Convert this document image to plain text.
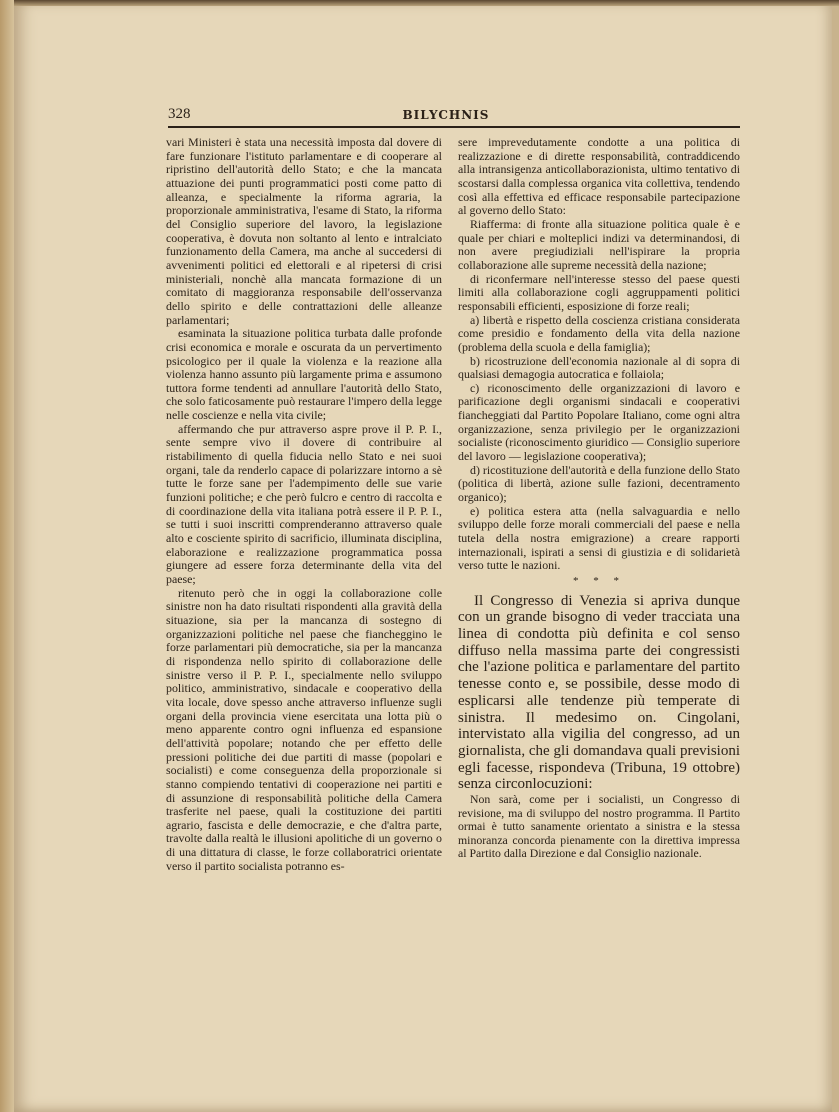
328	BILYCHNIS

vari Ministeri è stata una necessità imposta dal dovere di fare funzionare l'istituto parlamentare e di cooperare al ripristino dell'autorità dello Stato; e che la mancata attuazione dei punti programmatici posti come patto di alleanza, e specialmente la riforma agraria, la proporzionale amministrativa, l'esame di Stato, la riforma del Consiglio superiore del lavoro, la legislazione cooperativa, è dovuta non soltanto al lento e intralciato funzionamento della Camera, ma anche al succedersi di avvenimenti politici ed elettorali e al ripetersi di crisi ministeriali, nonchè alla mancata formazione di un comitato di maggioranza responsabile dell'osservanza dello spirito e delle contrattazioni delle alleanze parlamentari;

esaminata la situazione politica turbata dalle profonde crisi economica e morale e oscurata da un pervertimento psicologico per il quale la violenza e la reazione alla violenza hanno assunto più largamente prima e assumono tuttora forme tendenti ad annullare l'autorità dello Stato, che solo faticosamente può restaurare l'impero della legge nelle coscienze e nella vita civile;

affermando che pur attraverso aspre prove il P. P. I., sente sempre vivo il dovere di contribuire al ristabilimento di quella fiducia nello Stato e nei suoi organi, tale da renderlo capace di polarizzare intorno a sè tutte le forze sane per l'adempimento delle sue varie funzioni politiche; e che però fulcro e centro di raccolta e di coordinazione della vita italiana potrà essere il P. P. I., se tutti i suoi inscritti comprenderanno attraverso quale alto e cosciente spirito di sacrificio, illuminata disciplina, elaborazione e realizzazione programmatica possa giungere ad essere forza determinante della vita del paese;

ritenuto però che in oggi la collaborazione colle sinistre non ha dato risultati rispondenti alla gravità della situazione, sia per la mancanza di sostegno di organizzazioni politiche nel paese che fiancheggino le forze parlamentari più democratiche, sia per la mancanza di rispondenza nello spirito di collaborazione delle sinistre verso il P. P. I., specialmente nello sviluppo politico, amministrativo, sindacale e cooperativo della vita locale, dove spesso anche attraverso influenze sugli organi della provincia viene esercitata una lotta più o meno apparente contro ogni influenza ed espansione dell'attività popolare; notando che per effetto delle pressioni politiche dei due partiti di masse (popolari e socialisti) e come conseguenza della proporzionale si stanno compiendo tentativi di cooperazione nei partiti e di assunzione di responsabilità politiche della Camera trasferite nel paese, quali la costituzione dei partiti agrario, fascista e delle democrazie, e che d'altra parte, travolte dalla realtà le illusioni apolitiche di un governo o di una dittatura di classe, le forze collaboratrici orientate verso il partito socialista potranno es-

sere imprevedutamente condotte a una politica di realizzazione e di dirette responsabilità, contraddicendo alla intransigenza anticollaborazionista, ultimo tentativo di scostarsi dalla complessa organica vita collettiva, tendendo così alla effettiva ed efficace responsabile partecipazione al governo dello Stato:

Riafferma: di fronte alla situazione politica quale è e quale per chiari e molteplici indizi va determinandosi, di non avere pregiudiziali nell'ispirare la propria collaborazione alle supreme necessità della nazione;

di riconfermare nell'interesse stesso del paese questi limiti alla collaborazione cogli aggruppamenti politici responsabili efficienti, esposizione di forze reali;

a) libertà e rispetto della coscienza cristiana considerata come presidio e fondamento della vita della nazione (problema della scuola e della famiglia);

b) ricostruzione dell'economia nazionale al di sopra di qualsiasi demagogia autocratica e follaiola;

c) riconoscimento delle organizzazioni di lavoro e parificazione degli organismi sindacali e cooperativi fiancheggiati dal Partito Popolare Italiano, come ogni altra organizzazione, senza privilegio per le organizzazioni socialiste (riconoscimento giuridico — Consiglio superiore del lavoro — legislazione cooperativa);

d) ricostituzione dell'autorità e della funzione dello Stato (politica di libertà, azione sulle fazioni, decentramento organico);

e) politica estera atta (nella salvaguardia e nello sviluppo delle forze morali commerciali del paese e nella tutela della nostra emigrazione) a creare rapporti internazionali, ispirati a sensi di giustizia e di solidarietà verso tutte le nazioni.

* * *

Il Congresso di Venezia si apriva dunque con un grande bisogno di veder tracciata una linea di condotta più definita e col senso diffuso nella massima parte dei congressisti che l'azione politica e parlamentare del partito tenesse conto e, se possibile, desse modo di esplicarsi alle tendenze più temperate di sinistra. Il medesimo on. Cingolani, intervistato alla vigilia del congresso, ad un giornalista, che gli domandava quali previsioni egli facesse, rispondeva (Tribuna, 19 ottobre) senza circonlocuzioni:

Non sarà, come per i socialisti, un Congresso di revisione, ma di sviluppo del nostro programma. Il Partito ormai è tutto sanamente orientato a sinistra e la stessa minoranza concorda pienamente con la direttiva impressa al Partito dalla Direzione e dal Consiglio nazionale.
